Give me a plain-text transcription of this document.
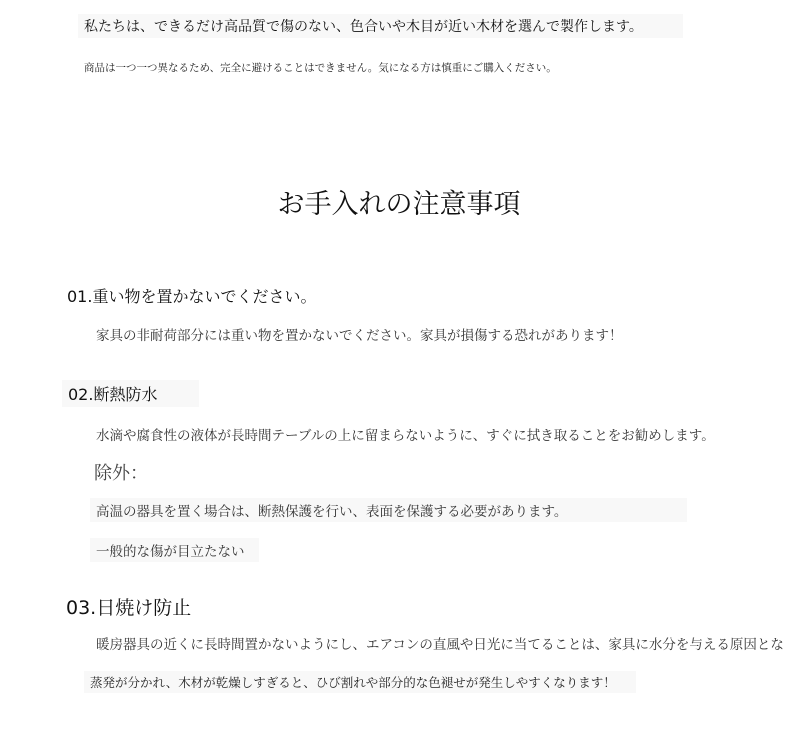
私たちは、できるだけ高品質で傷のない、色合いや木目が近い木材を選んで製作します。
商品は一つ一つ異なるため、完全に避けることはできません。気になる方は慎重にご購入ください。
お手入れの注意事項
01.重い物を置かないでください。
家具の非耐荷部分には重い物を置かないでください。家具が損傷する恐れがあります！
02.断熱防水
水滴や腐食性の液体が長時間テーブルの上に留まらないように、すぐに拭き取ることをお勧めします。
除外：
高温の器具を置く場合は、断熱保護を行い、表面を保護する必要があります。
一般的な傷が目立たない
03.日焼け防止
暖房器具の近くに長時間置かないようにし、エアコンの直風や日光に当てることは、家具に水分を与える原因とな
蒸発が分かれ、木材が乾燥しすぎると、ひび割れや部分的な色褪せが発生しやすくなります！
